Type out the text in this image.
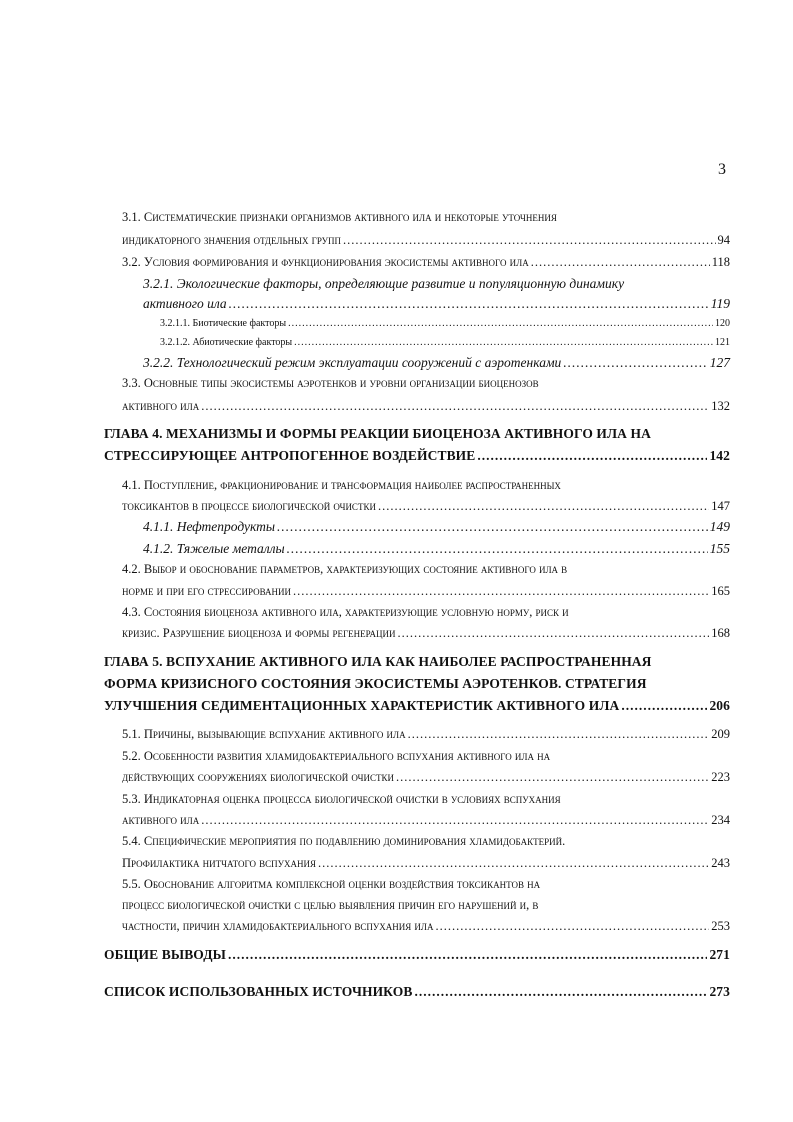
3
3.1. Систематические признаки организмов активного ила и некоторые уточнения
индикаторного значения отдельных групп .....	94
3.2. Условия формирования и функционирования экосистемы активного ила .....	118
3.2.1. Экологические факторы, определяющие развитие и популяционную динамику
активного ила .....	119
3.2.1.1. Биотические факторы .....	120
3.2.1.2. Абиотические факторы .....	121
3.2.2. Технологический режим эксплуатации сооружений с аэротенками .....	127
3.3. Основные типы экосистемы аэротенков и уровни организации биоценозов
активного ила .....	132
ГЛАВА 4. МЕХАНИЗМЫ И ФОРМЫ РЕАКЦИИ БИОЦЕНОЗА АКТИВНОГО ИЛА НА
СТРЕССИРУЮЩЕЕ АНТРОПОГЕННОЕ ВОЗДЕЙСТВИЕ .....	142
4.1. Поступление, фракционирование и трансформация наиболее распространенных
токсикантов в процессе биологической очистки .....	147
4.1.1. Нефтепродукты .....	149
4.1.2. Тяжелые металлы .....	155
4.2. Выбор и обоснование параметров, характеризующих состояние активного ила в
норме и при его стрессировании .....	165
4.3. Состояния биоценоза активного ила, характеризующие условную норму, риск и
кризис. Разрушение биоценоза и формы регенерации .....	168
ГЛАВА 5. ВСПУХАНИЕ АКТИВНОГО ИЛА КАК НАИБОЛЕЕ РАСПРОСТРАНЕННАЯ
ФОРМА КРИЗИСНОГО СОСТОЯНИЯ ЭКОСИСТЕМЫ АЭРОТЕНКОВ. СТРАТЕГИЯ
УЛУЧШЕНИЯ СЕДИМЕНТАЦИОННЫХ ХАРАКТЕРИСТИК АКТИВНОГО ИЛА .....	206
5.1. Причины, вызывающие вспухание активного ила .....	209
5.2. Особенности развития хламидобактериального вспухания активного ила на
действующих сооружениях биологической очистки .....	223
5.3. Индикаторная оценка процесса биологической очистки в условиях вспухания
активного ила .....	234
5.4. Специфические мероприятия по подавлению доминирования хламидобактерий.
Профилактика нитчатого вспухания .....	243
5.5. Обоснование алгоритма комплексной оценки воздействия токсикантов на
процесс биологической очистки с целью выявления причин его нарушений и, в
частности, причин хламидобактериального вспухания ила .....	253
ОБЩИЕ ВЫВОДЫ .....	271
СПИСОК ИСПОЛЬЗОВАННЫХ ИСТОЧНИКОВ .....	273
